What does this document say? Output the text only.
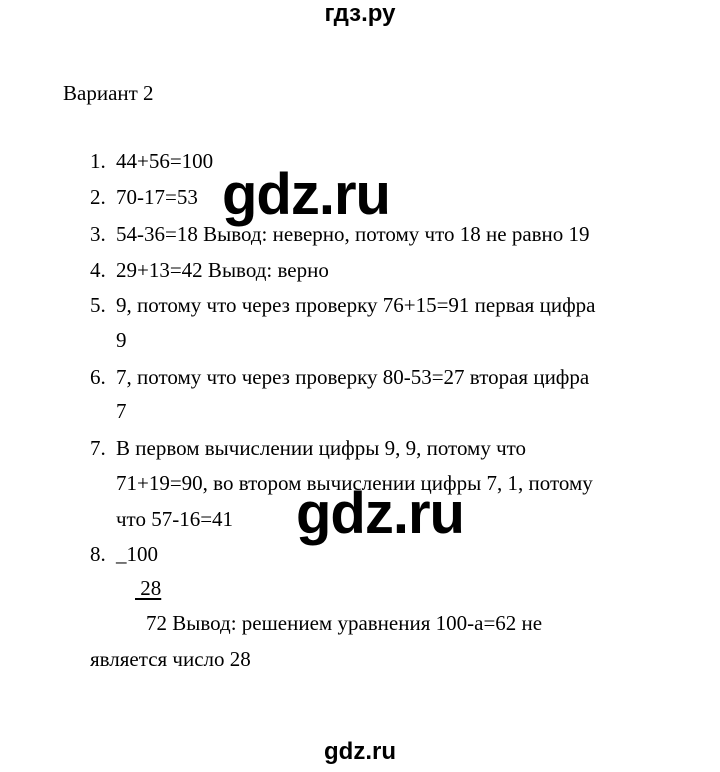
гдз.ру
Вариант 2
1. 44+56=100
2. 70-17=53
3. 54-36=18 Вывод: неверно, потому что 18 не равно 19
4. 29+13=42 Вывод: верно
5. 9, потому что через проверку 76+15=91 первая цифра
9
6. 7, потому что через проверку 80-53=27 вторая цифра
7
7. В первом вычислении цифры 9, 9, потому что
71+19=90, во втором вычислении цифры 7, 1, потому
что 57-16=41
8. _100
28
72 Вывод: решением уравнения 100-а=62 не
является число 28
gdz.ru
gdz.ru
gdz.ru
